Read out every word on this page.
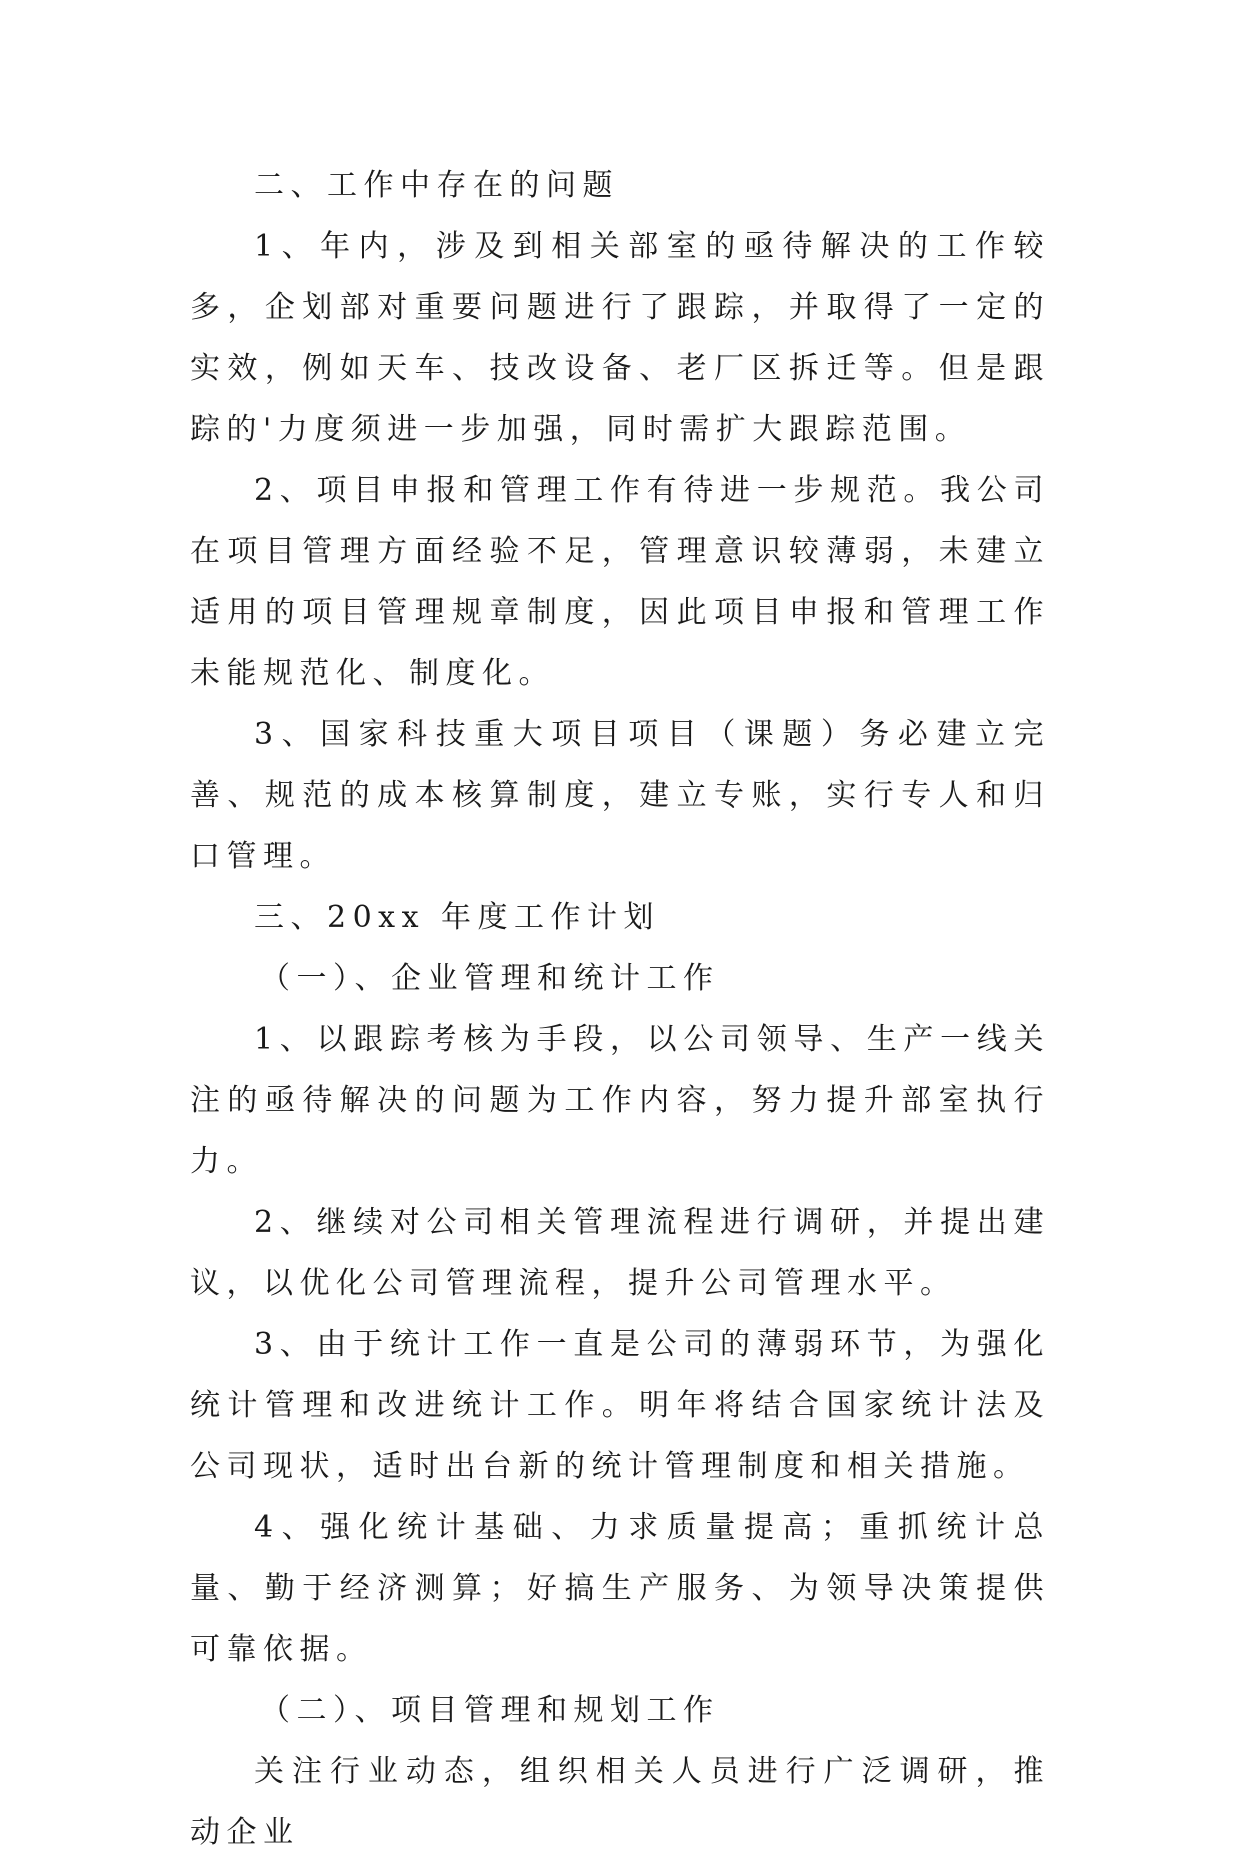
二、工作中存在的问题

1、年内，涉及到相关部室的亟待解决的工作较多，企划部对重要问题进行了跟踪，并取得了一定的实效，例如天车、技改设备、老厂区拆迁等。但是跟踪的'力度须进一步加强，同时需扩大跟踪范围。

2、项目申报和管理工作有待进一步规范。我公司在项目管理方面经验不足，管理意识较薄弱，未建立适用的项目管理规章制度，因此项目申报和管理工作未能规范化、制度化。

3、国家科技重大项目项目（课题）务必建立完善、规范的成本核算制度，建立专账，实行专人和归口管理。

三、20xx 年度工作计划

（一）、企业管理和统计工作

1、以跟踪考核为手段，以公司领导、生产一线关注的亟待解决的问题为工作内容，努力提升部室执行力。

2、继续对公司相关管理流程进行调研，并提出建议，以优化公司管理流程，提升公司管理水平。

3、由于统计工作一直是公司的薄弱环节，为强化统计管理和改进统计工作。明年将结合国家统计法及公司现状，适时出台新的统计管理制度和相关措施。

4、强化统计基础、力求质量提高；重抓统计总量、勤于经济测算；好搞生产服务、为领导决策提供可靠依据。

（二）、项目管理和规划工作

关注行业动态，组织相关人员进行广泛调研，推动企业
